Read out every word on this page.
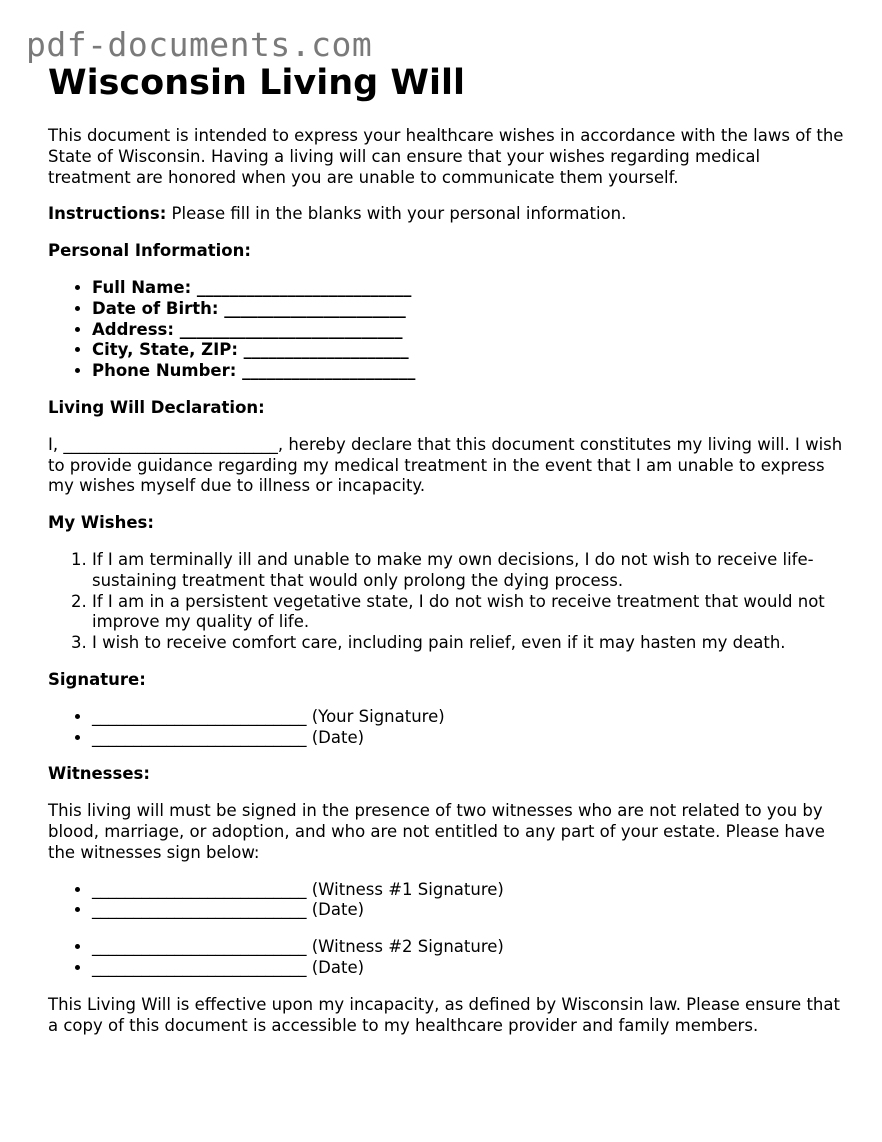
pdf-documents.com
Wisconsin Living Will

This document is intended to express your healthcare wishes in accordance with the laws of the State of Wisconsin. Having a living will can ensure that your wishes regarding medical treatment are honored when you are unable to communicate them yourself.

Instructions: Please fill in the blanks with your personal information.

Personal Information:
• Full Name: __________________________
• Date of Birth: ______________________
• Address: ___________________________
• City, State, ZIP: ____________________
• Phone Number: _____________________
Living Will Declaration:

I, __________________________, hereby declare that this document constitutes my living will. I wish to provide guidance regarding my medical treatment in the event that I am unable to express my wishes myself due to illness or incapacity.

My Wishes:
1. If I am terminally ill and unable to make my own decisions, I do not wish to receive life-sustaining treatment that would only prolong the dying process.
2. If I am in a persistent vegetative state, I do not wish to receive treatment that would not improve my quality of life.
3. I wish to receive comfort care, including pain relief, even if it may hasten my death.
Signature:
• __________________________ (Your Signature)
• __________________________ (Date)
Witnesses:

This living will must be signed in the presence of two witnesses who are not related to you by blood, marriage, or adoption, and who are not entitled to any part of your estate. Please have the witnesses sign below:

• __________________________ (Witness #1 Signature)
• __________________________ (Date)
• __________________________ (Witness #2 Signature)
• __________________________ (Date)

This Living Will is effective upon my incapacity, as defined by Wisconsin law. Please ensure that a copy of this document is accessible to my healthcare provider and family members.
